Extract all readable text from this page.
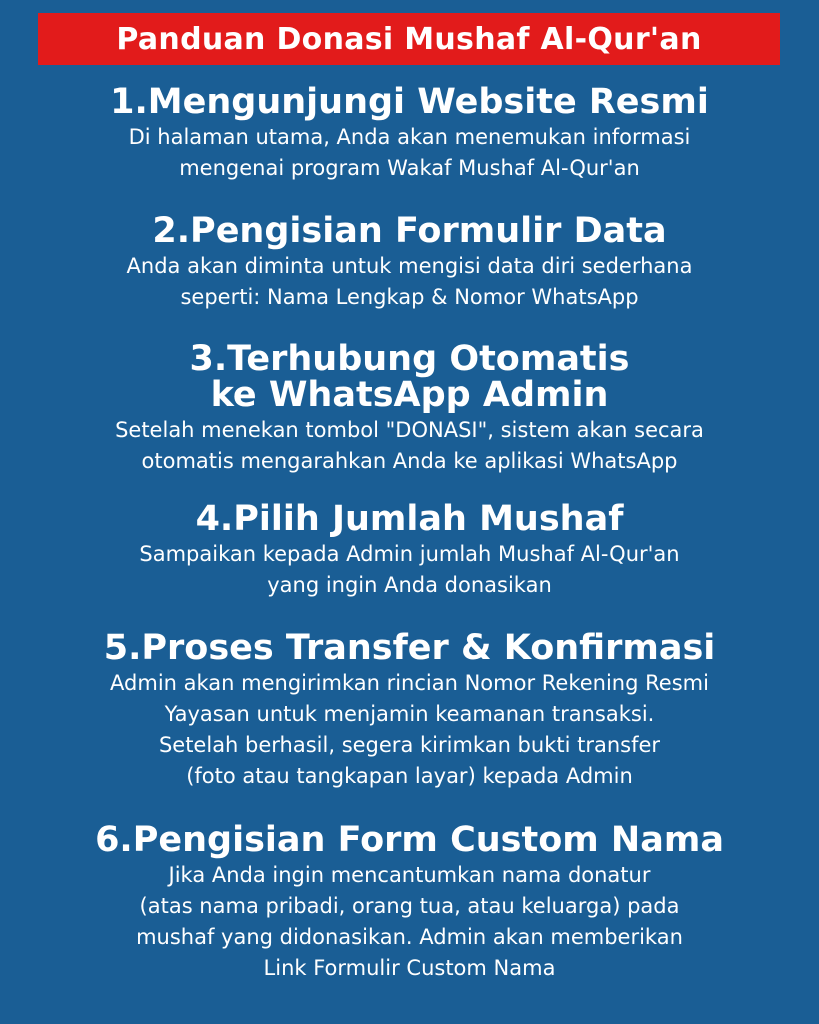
Panduan Donasi Mushaf Al-Qur'an
1.Mengunjungi Website Resmi
Di halaman utama, Anda akan menemukan informasi
mengenai program Wakaf Mushaf Al-Qur'an
2.Pengisian Formulir Data
Anda akan diminta untuk mengisi data diri sederhana
seperti: Nama Lengkap & Nomor WhatsApp
3.Terhubung Otomatis
ke WhatsApp Admin
Setelah menekan tombol "DONASI", sistem akan secara
otomatis mengarahkan Anda ke aplikasi WhatsApp
4.Pilih Jumlah Mushaf
Sampaikan kepada Admin jumlah Mushaf Al-Qur'an
yang ingin Anda donasikan
5.Proses Transfer & Konfirmasi
Admin akan mengirimkan rincian Nomor Rekening Resmi
Yayasan untuk menjamin keamanan transaksi.
Setelah berhasil, segera kirimkan bukti transfer
(foto atau tangkapan layar) kepada Admin
6.Pengisian Form Custom Nama
Jika Anda ingin mencantumkan nama donatur
(atas nama pribadi, orang tua, atau keluarga) pada
mushaf yang didonasikan. Admin akan memberikan
Link Formulir Custom Nama
